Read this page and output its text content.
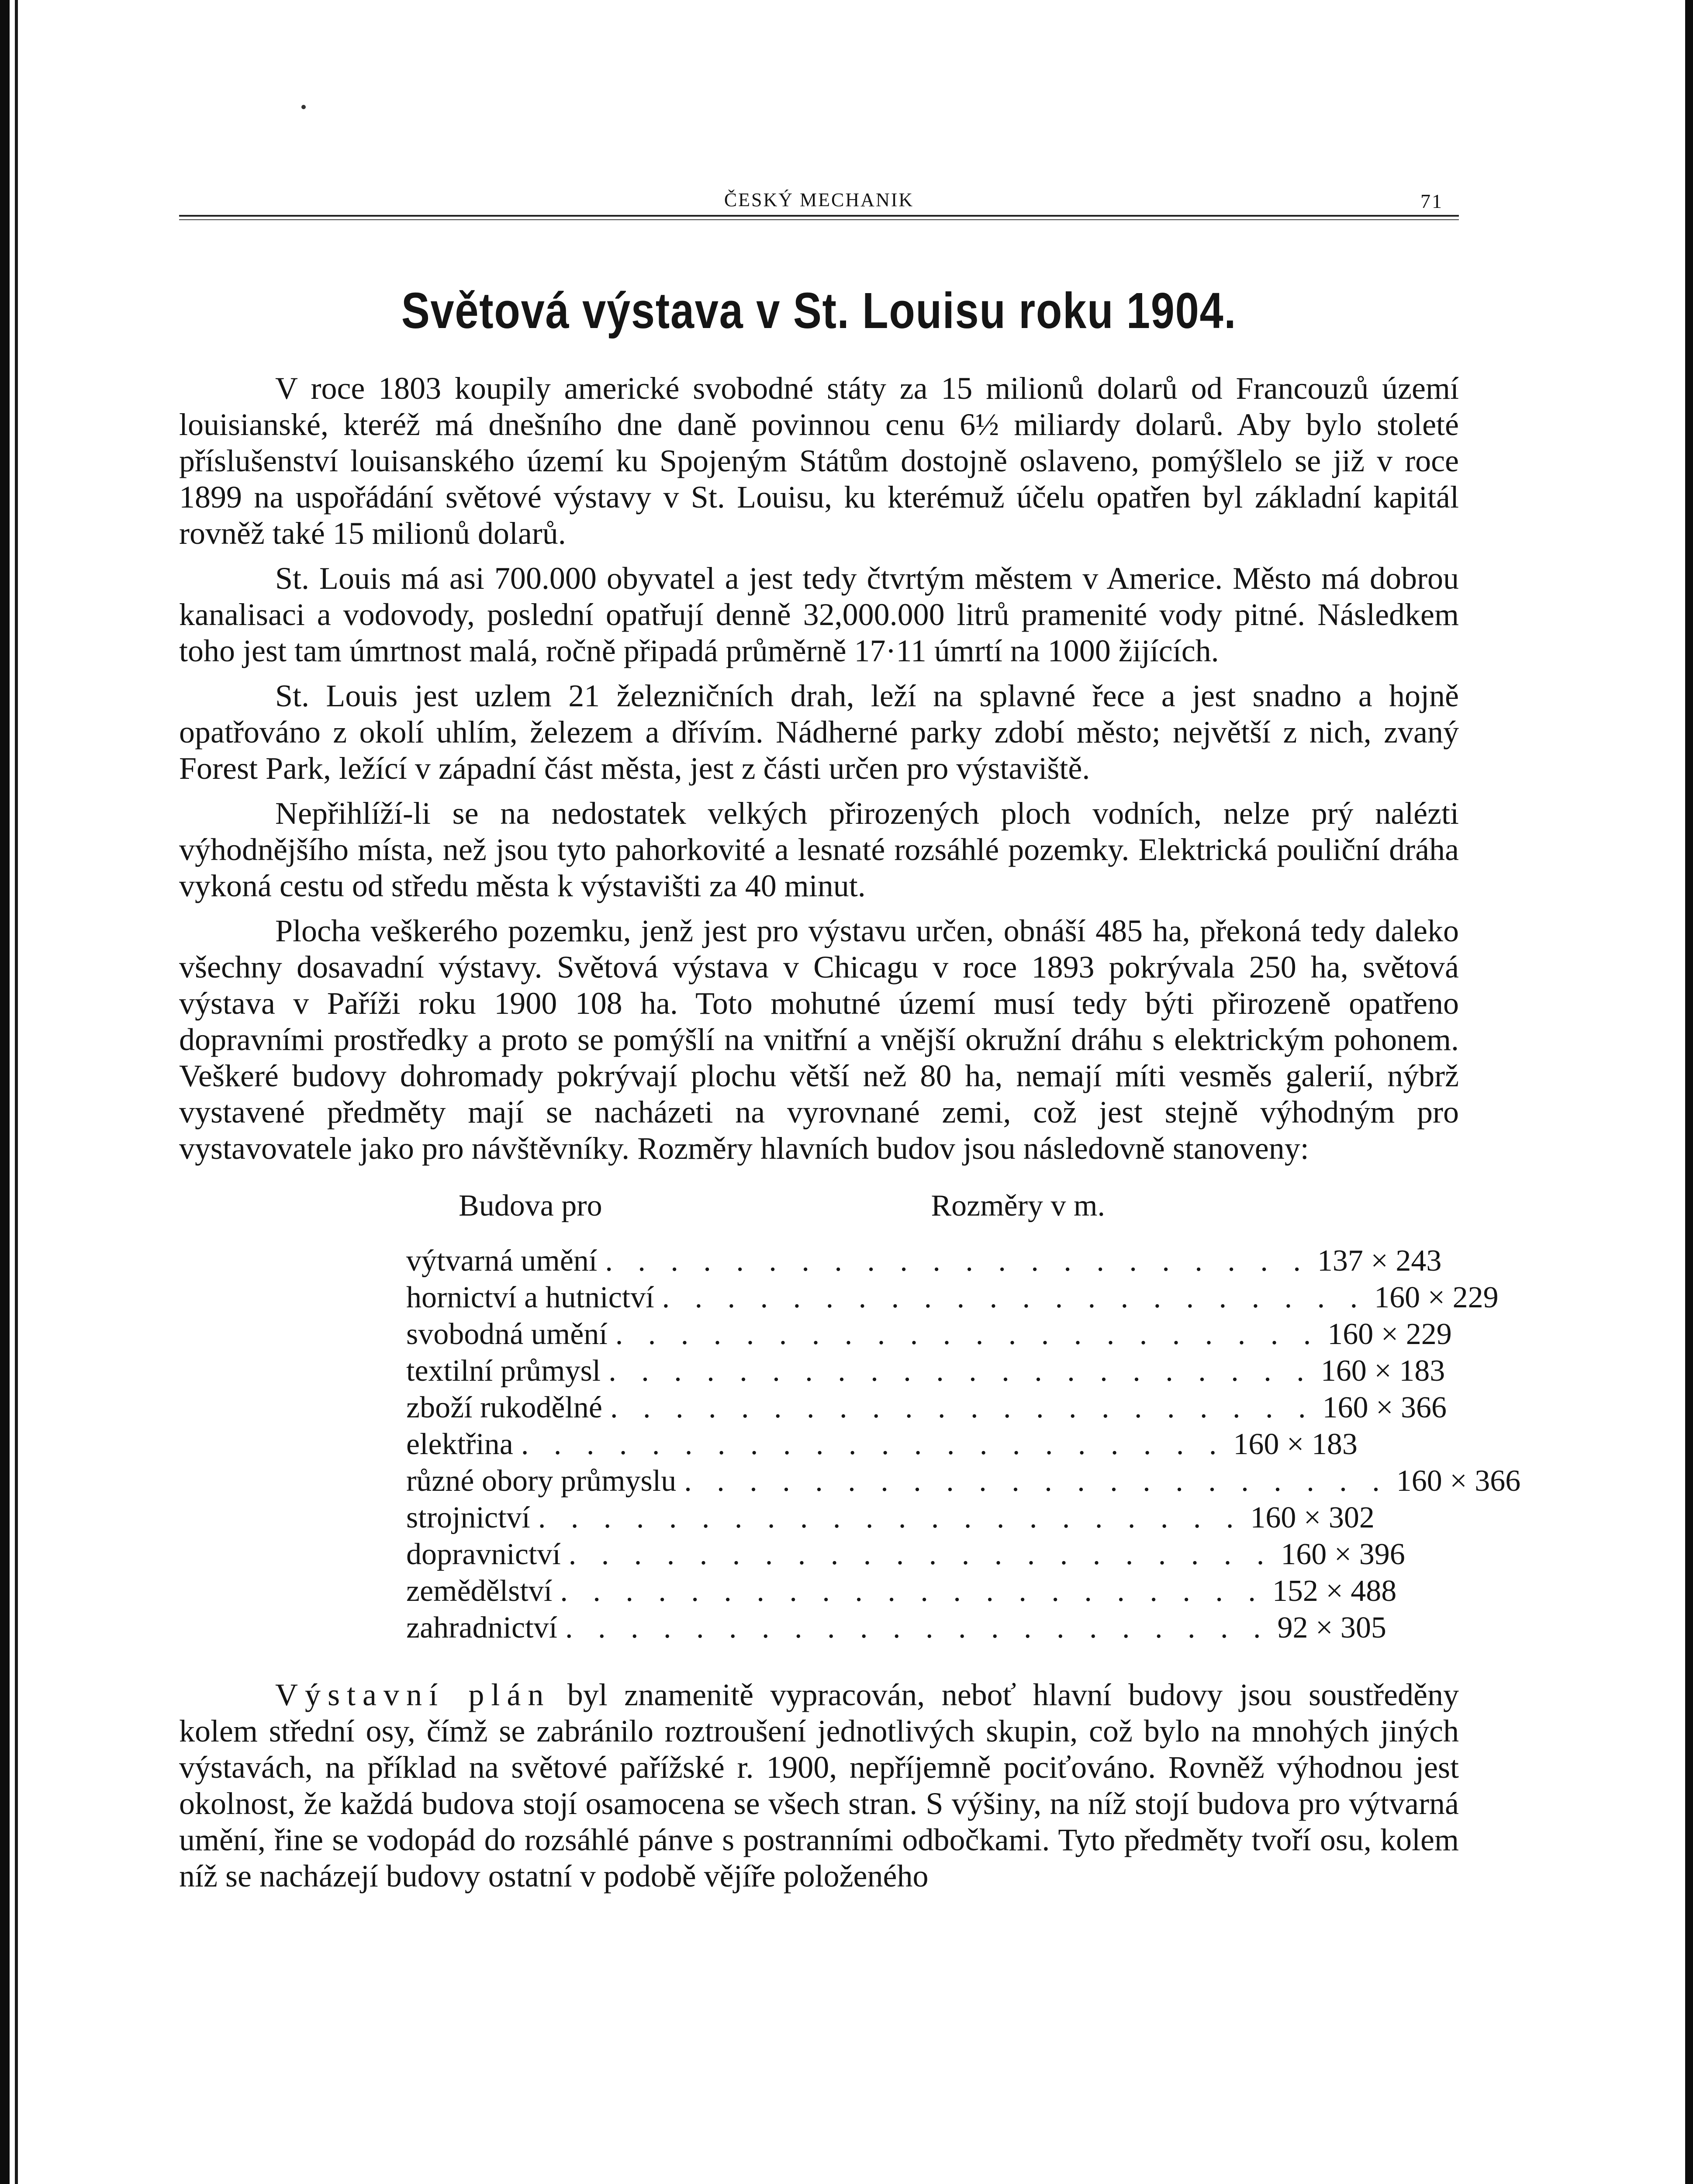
ČESKÝ MECHANIK	71
Světová výstava v St. Louisu roku 1904.

V roce 1803 koupily americké svobodné státy za 15 milionů dolarů od Francouzů území louisianské, kteréž má dnešního dne daně povinnou cenu 6½ miliardy dolarů. Aby bylo stoleté příslušenství louisanského území ku Spojeným Státům dostojně oslaveno, pomýšlelo se již v roce 1899 na uspořádání světové výstavy v St. Louisu, ku kterémuž účelu opatřen byl základní kapitál rovněž také 15 milionů dolarů.

St. Louis má asi 700.000 obyvatel a jest tedy čtvrtým městem v Americe. Město má dobrou kanalisaci a vodovody, poslední opatřují denně 32,000.000 litrů pramenité vody pitné. Následkem toho jest tam úmrtnost malá, ročně připadá průměrně 17·11 úmrtí na 1000 žijících.

St. Louis jest uzlem 21 železničních drah, leží na splavné řece a jest snadno a hojně opatřováno z okolí uhlím, železem a dřívím. Nádherné parky zdobí město; největší z nich, zvaný Forest Park, ležící v západní část města, jest z části určen pro výstaviště.

Nepřihlíží-li se na nedostatek velkých přirozených ploch vodních, nelze prý nalézti výhodnějšího místa, než jsou tyto pahorkovité a lesnaté rozsáhlé pozemky. Elektrická pouliční dráha vykoná cestu od středu města k výstavišti za 40 minut.

Plocha veškerého pozemku, jenž jest pro výstavu určen, obnáší 485 ha, překoná tedy daleko všechny dosavadní výstavy. Světová výstava v Chicagu v roce 1893 pokrývala 250 ha, světová výstava v Paříži roku 1900 108 ha. Toto mohutné území musí tedy býti přirozeně opatřeno dopravními prostředky a proto se pomýšlí na vnitřní a vnější okružní dráhu s elektrickým pohonem. Veškeré budovy dohromady pokrývají plochu větší než 80 ha, nemají míti vesměs galerií, nýbrž vystavené předměty mají se nacházeti na vyrovnané zemi, což jest stejně výhodným pro vystavovatele jako pro návštěvníky. Rozměry hlavních budov jsou následovně stanoveny:

Budova pro	Rozměry v m.
výtvarná umění . . . . . . . . . . . . . . . . . . . . . . 137 × 243
hornictví a hutnictví . . . . . . . . . . . . . . . . . . . . . . 160 × 229
svobodná umění . . . . . . . . . . . . . . . . . . . . . . 160 × 229
textilní průmysl . . . . . . . . . . . . . . . . . . . . . . 160 × 183
zboží rukodělné . . . . . . . . . . . . . . . . . . . . . . 160 × 366
elektřina . . . . . . . . . . . . . . . . . . . . . . 160 × 183
různé obory průmyslu . . . . . . . . . . . . . . . . . . . . . . 160 × 366
strojnictví . . . . . . . . . . . . . . . . . . . . . . 160 × 302
dopravnictví . . . . . . . . . . . . . . . . . . . . . . 160 × 396
zemědělství . . . . . . . . . . . . . . . . . . . . . . 152 × 488
zahradnictví . . . . . . . . . . . . . . . . . . . . . . 92 × 305

Výstavní plán byl znamenitě vypracován, neboť hlavní budovy jsou soustředěny kolem střední osy, čímž se zabránilo roztroušení jednotlivých skupin, což bylo na mnohých jiných výstavách, na příklad na světové pařížské r. 1900, nepříjemně pociťováno. Rovněž výhodnou jest okolnost, že každá budova stojí osamocena se všech stran. S výšiny, na níž stojí budova pro výtvarná umění, řine se vodopád do rozsáhlé pánve s postranními odbočkami. Tyto předměty tvoří osu, kolem níž se nacházejí budovy ostatní v podobě vějíře položeného
